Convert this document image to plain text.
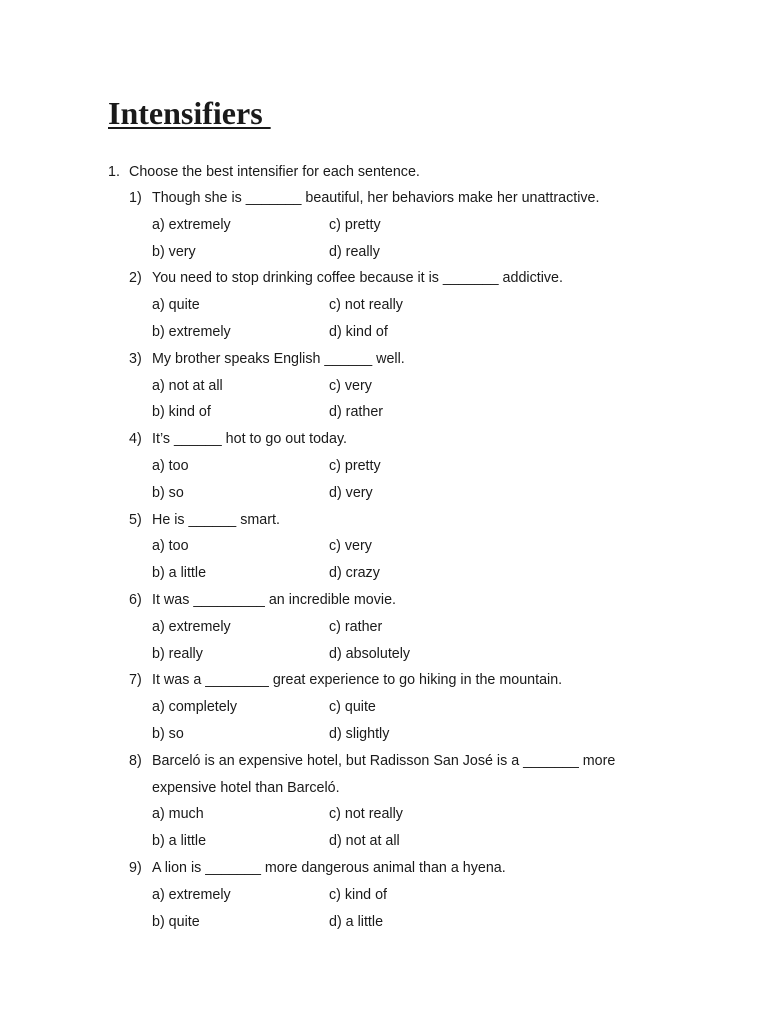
Intensifiers
1. Choose the best intensifier for each sentence.
1) Though she is _______ beautiful, her behaviors make her unattractive.
a) extremely	c) pretty
b) very	d) really
2) You need to stop drinking coffee because it is _______ addictive.
a) quite	c) not really
b) extremely	d) kind of
3) My brother speaks English ______ well.
a) not at all	c) very
b) kind of	d) rather
4) It’s ______ hot to go out today.
a) too	c) pretty
b) so	d) very
5) He is ______ smart.
a) too	c) very
b) a little	d) crazy
6) It was _________ an incredible movie.
a) extremely	c) rather
b) really	d) absolutely
7) It was a ________ great experience to go hiking in the mountain.
a) completely	c) quite
b) so	d) slightly
8) Barceló is an expensive hotel, but Radisson San José is a _______ more
expensive hotel than Barceló.
a) much	c) not really
b) a little	d) not at all
9) A lion is _______ more dangerous animal than a hyena.
a) extremely	c) kind of
b) quite	d) a little
